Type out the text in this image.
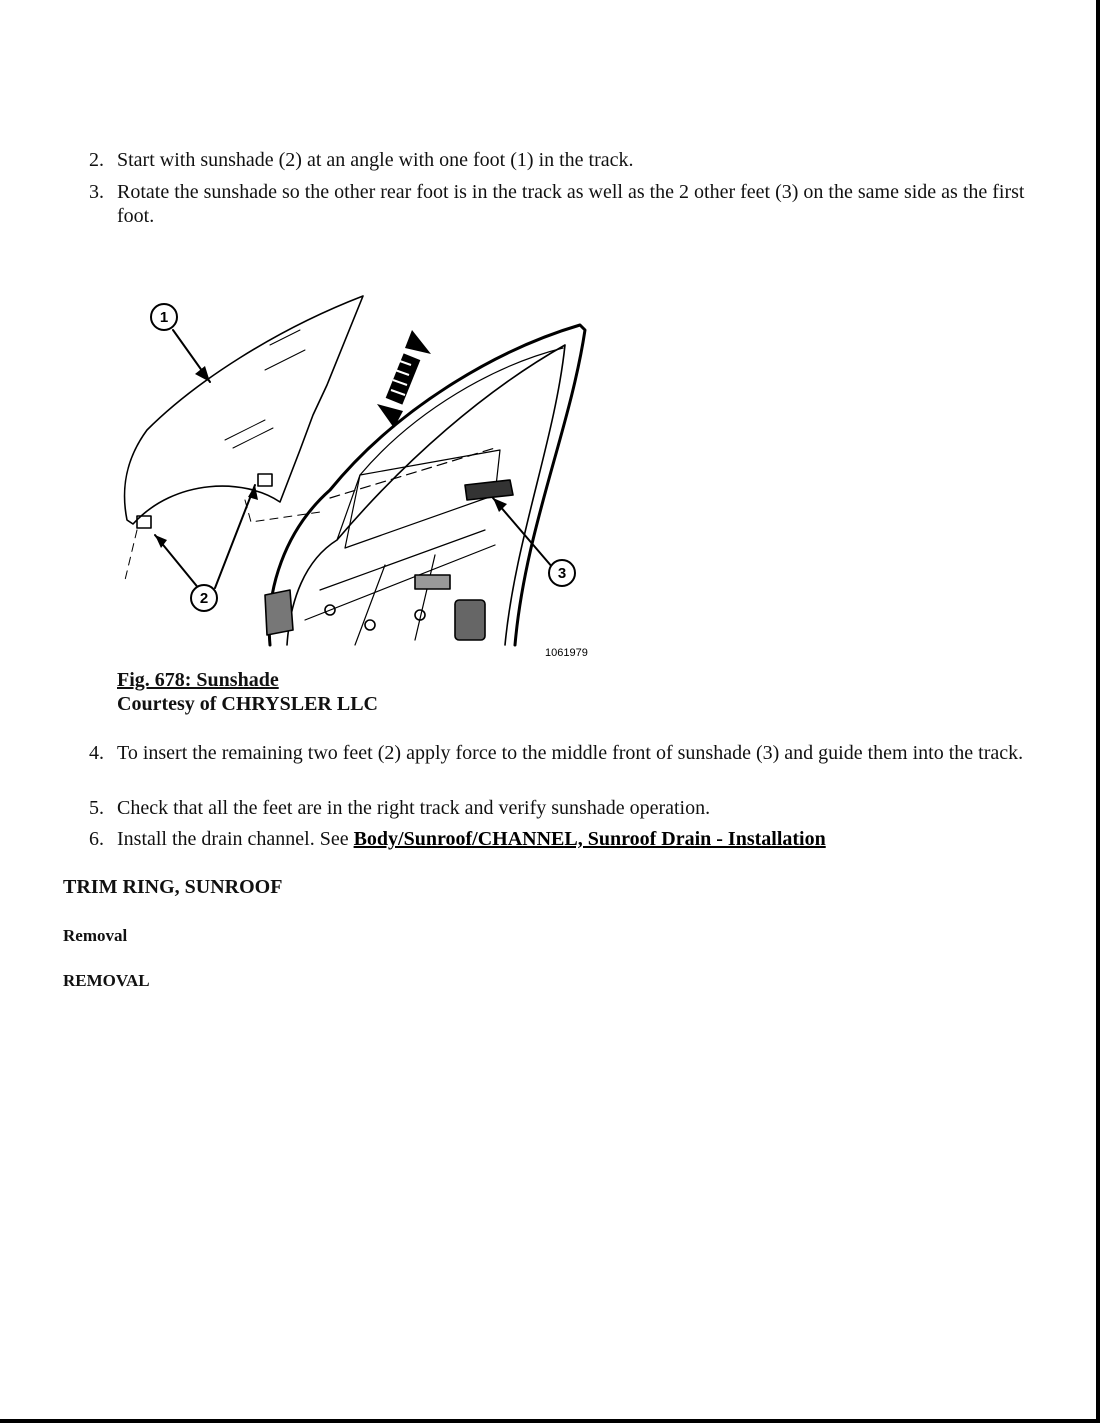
2. Start with sunshade (2) at an angle with one foot (1) in the track.
3. Rotate the sunshade so the other rear foot is in the track as well as the 2 other feet (3) on the same side as the first foot.
1
2
3
1061979
Fig. 678: Sunshade
Courtesy of CHRYSLER LLC
4. To insert the remaining two feet (2) apply force to the middle front of sunshade (3) and guide them into the track.
5. Check that all the feet are in the right track and verify sunshade operation.
6. Install the drain channel. See Body/Sunroof/CHANNEL, Sunroof Drain - Installation
TRIM RING, SUNROOF
Removal
REMOVAL
